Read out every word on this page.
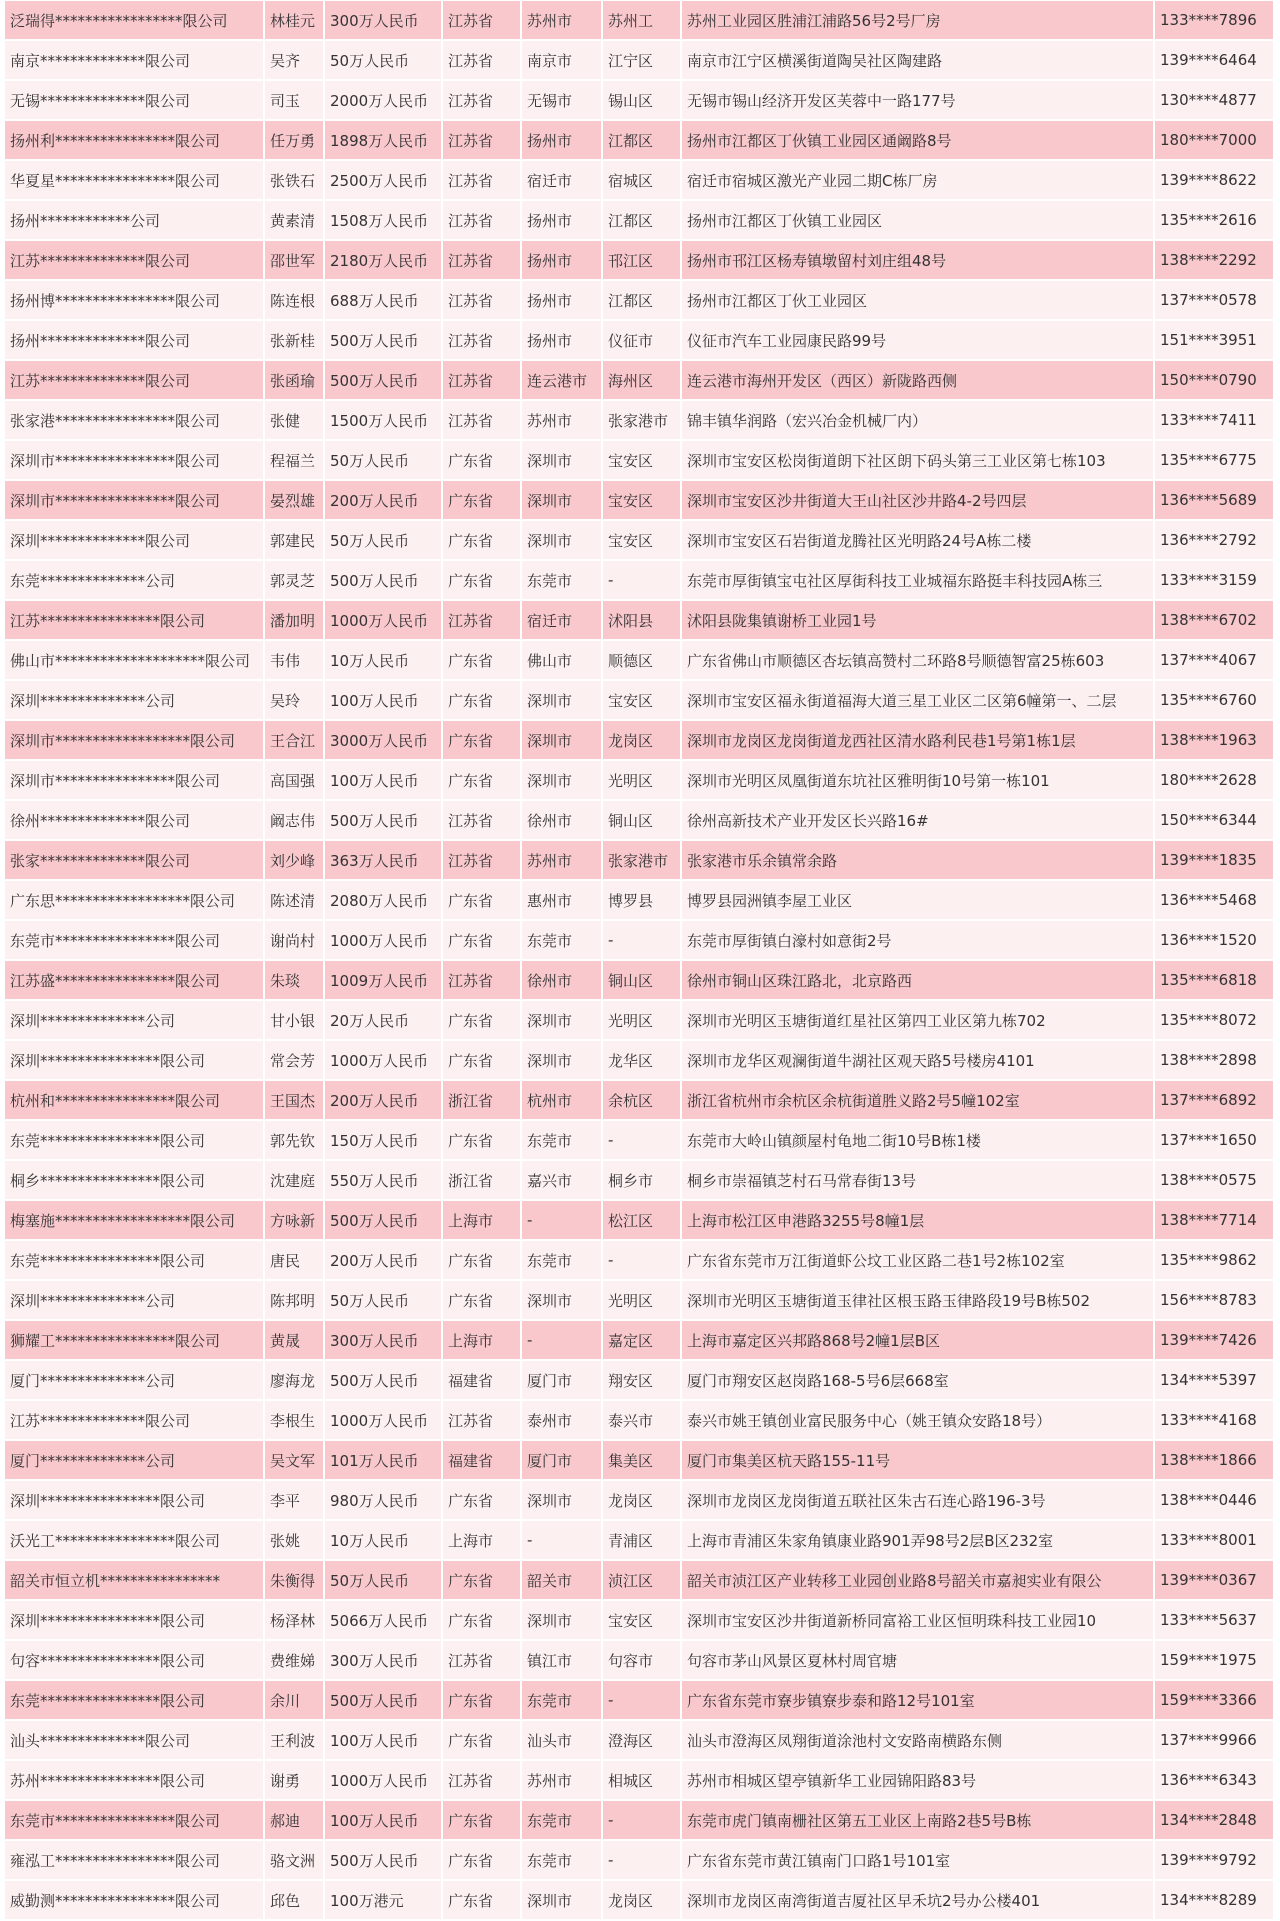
泛瑞得*****************限公司	林桂元	300万人民币	江苏省	苏州市	苏州工	苏州工业园区胜浦江浦路56号2号厂房	133****7896
南京**************限公司	吴齐	50万人民币	江苏省	南京市	江宁区	南京市江宁区横溪街道陶吴社区陶建路	139****6464
无锡**************限公司	司玉	2000万人民币	江苏省	无锡市	锡山区	无锡市锡山经济开发区芙蓉中一路177号	130****4877
扬州利****************限公司	任万勇	1898万人民币	江苏省	扬州市	江都区	扬州市江都区丁伙镇工业园区通阚路8号	180****7000
华夏星****************限公司	张铁石	2500万人民币	江苏省	宿迁市	宿城区	宿迁市宿城区激光产业园二期C栋厂房	139****8622
扬州************公司	黄素清	1508万人民币	江苏省	扬州市	江都区	扬州市江都区丁伙镇工业园区	135****2616
江苏**************限公司	邵世军	2180万人民币	江苏省	扬州市	邗江区	扬州市邗江区杨寿镇墩留村刘庄组48号	138****2292
扬州博****************限公司	陈连根	688万人民币	江苏省	扬州市	江都区	扬州市江都区丁伙工业园区	137****0578
扬州**************限公司	张新桂	500万人民币	江苏省	扬州市	仪征市	仪征市汽车工业园康民路99号	151****3951
江苏**************限公司	张函瑜	500万人民币	江苏省	连云港市	海州区	连云港市海州开发区（西区）新陇路西侧	150****0790
张家港****************限公司	张健	1500万人民币	江苏省	苏州市	张家港市	锦丰镇华润路（宏兴冶金机械厂内）	133****7411
深圳市****************限公司	程福兰	50万人民币	广东省	深圳市	宝安区	深圳市宝安区松岗街道朗下社区朗下码头第三工业区第七栋103	135****6775
深圳市****************限公司	晏烈雄	200万人民币	广东省	深圳市	宝安区	深圳市宝安区沙井街道大王山社区沙井路4-2号四层	136****5689
深圳**************限公司	郭建民	50万人民币	广东省	深圳市	宝安区	深圳市宝安区石岩街道龙腾社区光明路24号A栋二楼	136****2792
东莞**************公司	郭灵芝	500万人民币	广东省	东莞市	-	东莞市厚街镇宝屯社区厚街科技工业城福东路挺丰科技园A栋三	133****3159
江苏****************限公司	潘加明	1000万人民币	江苏省	宿迁市	沭阳县	沭阳县陇集镇谢桥工业园1号	138****6702
佛山市********************限公司	韦伟	10万人民币	广东省	佛山市	顺德区	广东省佛山市顺德区杏坛镇高赞村二环路8号顺德智富25栋603	137****4067
深圳**************公司	吴玲	100万人民币	广东省	深圳市	宝安区	深圳市宝安区福永街道福海大道三星工业区二区第6幢第一、二层	135****6760
深圳市******************限公司	王合江	3000万人民币	广东省	深圳市	龙岗区	深圳市龙岗区龙岗街道龙西社区清水路利民巷1号第1栋1层	138****1963
深圳市****************限公司	高国强	100万人民币	广东省	深圳市	光明区	深圳市光明区凤凰街道东坑社区雅明街10号第一栋101	180****2628
徐州**************限公司	阚志伟	500万人民币	江苏省	徐州市	铜山区	徐州高新技术产业开发区长兴路16#	150****6344
张家**************限公司	刘少峰	363万人民币	江苏省	苏州市	张家港市	张家港市乐余镇常余路	139****1835
广东思******************限公司	陈述清	2080万人民币	广东省	惠州市	博罗县	博罗县园洲镇李屋工业区	136****5468
东莞市****************限公司	谢尚村	1000万人民币	广东省	东莞市	-	东莞市厚街镇白濠村如意街2号	136****1520
江苏盛****************限公司	朱琰	1009万人民币	江苏省	徐州市	铜山区	徐州市铜山区珠江路北，北京路西	135****6818
深圳**************公司	甘小银	20万人民币	广东省	深圳市	光明区	深圳市光明区玉塘街道红星社区第四工业区第九栋702	135****8072
深圳****************限公司	常会芳	1000万人民币	广东省	深圳市	龙华区	深圳市龙华区观澜街道牛湖社区观天路5号楼房4101	138****2898
杭州和****************限公司	王国杰	200万人民币	浙江省	杭州市	余杭区	浙江省杭州市余杭区余杭街道胜义路2号5幢102室	137****6892
东莞****************限公司	郭先钦	150万人民币	广东省	东莞市	-	东莞市大岭山镇颜屋村龟地二街10号B栋1楼	137****1650
桐乡****************限公司	沈建庭	550万人民币	浙江省	嘉兴市	桐乡市	桐乡市崇福镇芝村石马常春街13号	138****0575
梅塞施******************限公司	方咏新	500万人民币	上海市	-	松江区	上海市松江区申港路3255号8幢1层	138****7714
东莞****************限公司	唐民	200万人民币	广东省	东莞市	-	广东省东莞市万江街道虾公坟工业区路二巷1号2栋102室	135****9862
深圳**************公司	陈邦明	50万人民币	广东省	深圳市	光明区	深圳市光明区玉塘街道玉律社区根玉路玉律路段19号B栋502	156****8783
狮耀工****************限公司	黄晟	300万人民币	上海市	-	嘉定区	上海市嘉定区兴邦路868号2幢1层B区	139****7426
厦门**************公司	廖海龙	500万人民币	福建省	厦门市	翔安区	厦门市翔安区赵岗路168-5号6层668室	134****5397
江苏**************限公司	李根生	1000万人民币	江苏省	泰州市	泰兴市	泰兴市姚王镇创业富民服务中心（姚王镇众安路18号）	133****4168
厦门**************公司	吴文军	101万人民币	福建省	厦门市	集美区	厦门市集美区杭天路155-11号	138****1866
深圳****************限公司	李平	980万人民币	广东省	深圳市	龙岗区	深圳市龙岗区龙岗街道五联社区朱古石连心路196-3号	138****0446
沃光工****************限公司	张姚	10万人民币	上海市	-	青浦区	上海市青浦区朱家角镇康业路901弄98号2层B区232室	133****8001
韶关市恒立机****************	朱衡得	50万人民币	广东省	韶关市	浈江区	韶关市浈江区产业转移工业园创业路8号韶关市嘉昶实业有限公	139****0367
深圳****************限公司	杨泽林	5066万人民币	广东省	深圳市	宝安区	深圳市宝安区沙井街道新桥同富裕工业区恒明珠科技工业园10	133****5637
句容****************限公司	费维娣	300万人民币	江苏省	镇江市	句容市	句容市茅山风景区夏林村周官塘	159****1975
东莞****************限公司	余川	500万人民币	广东省	东莞市	-	广东省东莞市寮步镇寮步泰和路12号101室	159****3366
汕头**************限公司	王利波	100万人民币	广东省	汕头市	澄海区	汕头市澄海区凤翔街道涂池村文安路南横路东侧	137****9966
苏州****************限公司	谢勇	1000万人民币	江苏省	苏州市	相城区	苏州市相城区望亭镇新华工业园锦阳路83号	136****6343
东莞市****************限公司	郝迪	100万人民币	广东省	东莞市	-	东莞市虎门镇南栅社区第五工业区上南路2巷5号B栋	134****2848
雍泓工****************限公司	骆文洲	500万人民币	广东省	东莞市	-	广东省东莞市黄江镇南门口路1号101室	139****9792
威勤测****************限公司	邱色	100万港元	广东省	深圳市	龙岗区	深圳市龙岗区南湾街道吉厦社区早禾坑2号办公楼401	134****8289
